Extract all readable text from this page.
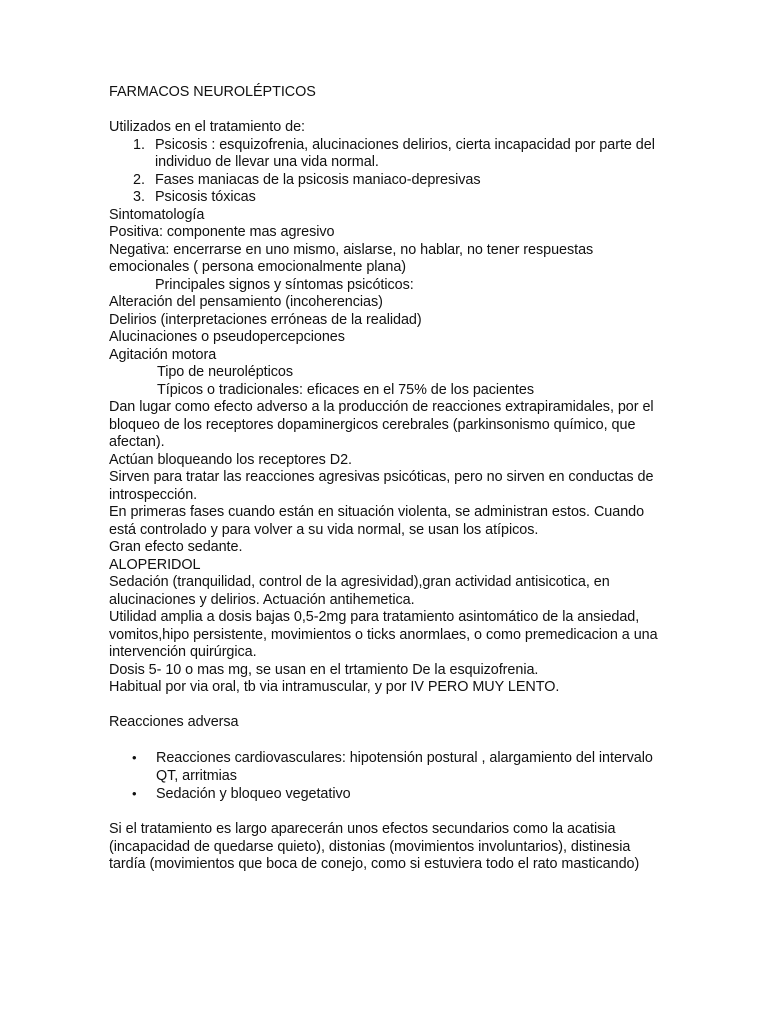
FARMACOS NEUROLÉPTICOS

Utilizados en el tratamiento de:

1. Psicosis : esquizofrenia, alucinaciones delirios, cierta incapacidad por parte del

individuo de llevar una vida normal.

2. Fases maniacas de la psicosis maniaco-depresivas

3. Psicosis tóxicas

Sintomatología

Positiva: componente mas agresivo

Negativa: encerrarse en uno mismo, aislarse, no hablar, no tener respuestas

emocionales ( persona emocionalmente plana)

Principales signos y síntomas psicóticos:

Alteración del pensamiento (incoherencias)

Delirios (interpretaciones erróneas de la realidad)

Alucinaciones o pseudopercepciones

Agitación motora

Tipo de neurolépticos

Típicos o tradicionales: eficaces en el 75% de los pacientes

Dan lugar como efecto adverso a la producción de reacciones extrapiramidales, por el

bloqueo de los receptores dopaminergicos cerebrales (parkinsonismo químico, que

afectan).

Actúan bloqueando los receptores D2.

Sirven para tratar las reacciones agresivas psicóticas, pero no sirven en conductas de

introspección.

En primeras fases cuando están en situación violenta, se administran estos. Cuando

está controlado y para volver a su vida normal, se usan los atípicos.

Gran efecto sedante.

ALOPERIDOL

Sedación (tranquilidad, control de la agresividad),gran actividad antisicotica, en

alucinaciones y delirios. Actuación antihemetica.

Utilidad amplia a dosis bajas 0,5-2mg para tratamiento asintomático de la ansiedad,

vomitos,hipo persistente, movimientos o ticks anormlaes, o como premedicacion a una

intervención quirúrgica.

Dosis 5- 10 o mas mg, se usan en el trtamiento De la esquizofrenia.

Habitual por via oral, tb via intramuscular, y por IV PERO MUY LENTO.

Reacciones adversa

• Reacciones cardiovasculares: hipotensión postural , alargamiento del intervalo

QT, arritmias

• Sedación y bloqueo vegetativo

Si el tratamiento es largo aparecerán unos efectos secundarios como la acatisia

(incapacidad de quedarse quieto), distonias (movimientos involuntarios), distinesia

tardía (movimientos que boca de conejo, como si estuviera todo el rato masticando)
